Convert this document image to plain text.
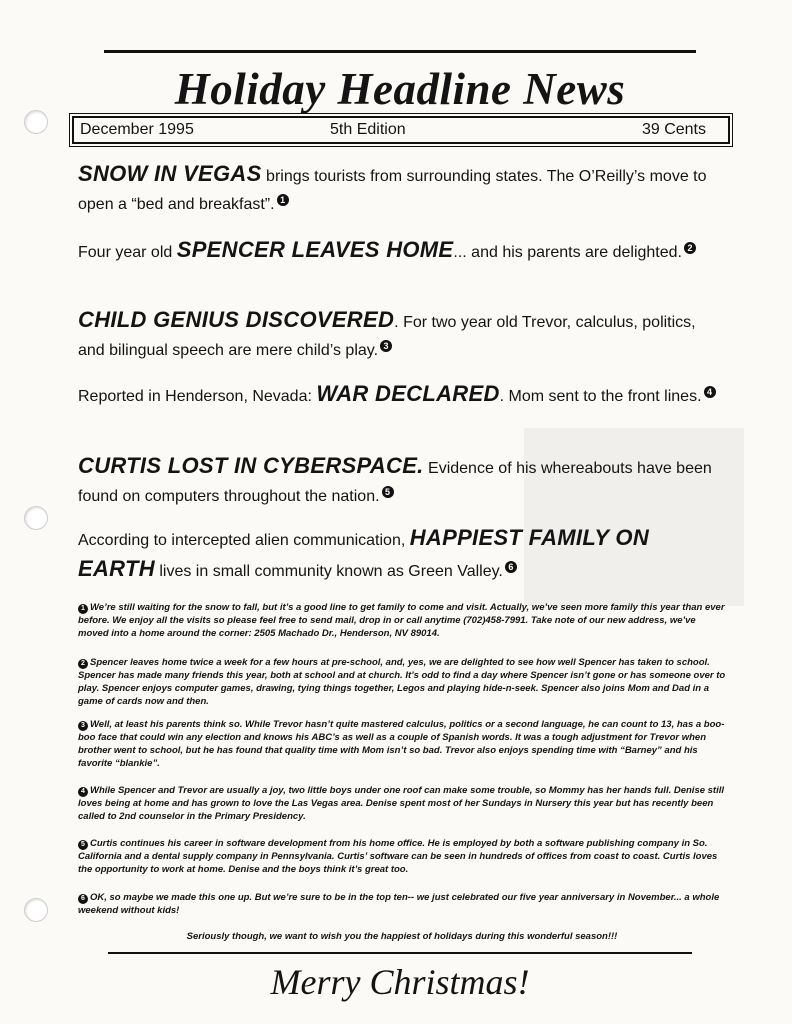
Holiday Headline News
December 1995	5th Edition	39 Cents
SNOW IN VEGAS brings tourists from surrounding states. The O’Reilly’s move to open a “bed and breakfast”. 1
Four year old SPENCER LEAVES HOME... and his parents are delighted. 2
CHILD GENIUS DISCOVERED. For two year old Trevor, calculus, politics, and bilingual speech are mere child’s play. 3
Reported in Henderson, Nevada: WAR DECLARED. Mom sent to the front lines. 4
CURTIS LOST IN CYBERSPACE. Evidence of his whereabouts have been found on computers throughout the nation. 5
According to intercepted alien communication, HAPPIEST FAMILY ON EARTH lives in small community known as Green Valley. 6
1 We’re still waiting for the snow to fall, but it’s a good line to get family to come and visit. Actually, we’ve seen more family this year than ever before. We enjoy all the visits so please feel free to send mail, drop in or call anytime (702)458-7991. Take note of our new address, we’ve moved into a home around the corner: 2505 Machado Dr., Henderson, NV 89014.
2 Spencer leaves home twice a week for a few hours at pre-school, and, yes, we are delighted to see how well Spencer has taken to school. Spencer has made many friends this year, both at school and at church. It’s odd to find a day where Spencer isn’t gone or has someone over to play. Spencer enjoys computer games, drawing, tying things together, Legos and playing hide-n-seek. Spencer also joins Mom and Dad in a game of cards now and then.
3 Well, at least his parents think so. While Trevor hasn’t quite mastered calculus, politics or a second language, he can count to 13, has a boo-boo face that could win any election and knows his ABC’s as well as a couple of Spanish words. It was a tough adjustment for Trevor when brother went to school, but he has found that quality time with Mom isn’t so bad. Trevor also enjoys spending time with “Barney” and his favorite “blankie”.
4 While Spencer and Trevor are usually a joy, two little boys under one roof can make some trouble, so Mommy has her hands full. Denise still loves being at home and has grown to love the Las Vegas area. Denise spent most of her Sundays in Nursery this year but has recently been called to 2nd counselor in the Primary Presidency.
5 Curtis continues his career in software development from his home office. He is employed by both a software publishing company in So. California and a dental supply company in Pennsylvania. Curtis’ software can be seen in hundreds of offices from coast to coast. Curtis loves the opportunity to work at home. Denise and the boys think it’s great too.
6 OK, so maybe we made this one up. But we’re sure to be in the top ten-- we just celebrated our five year anniversary in November... a whole weekend without kids!
Seriously though, we want to wish you the happiest of holidays during this wonderful season!!!
Merry Christmas!
